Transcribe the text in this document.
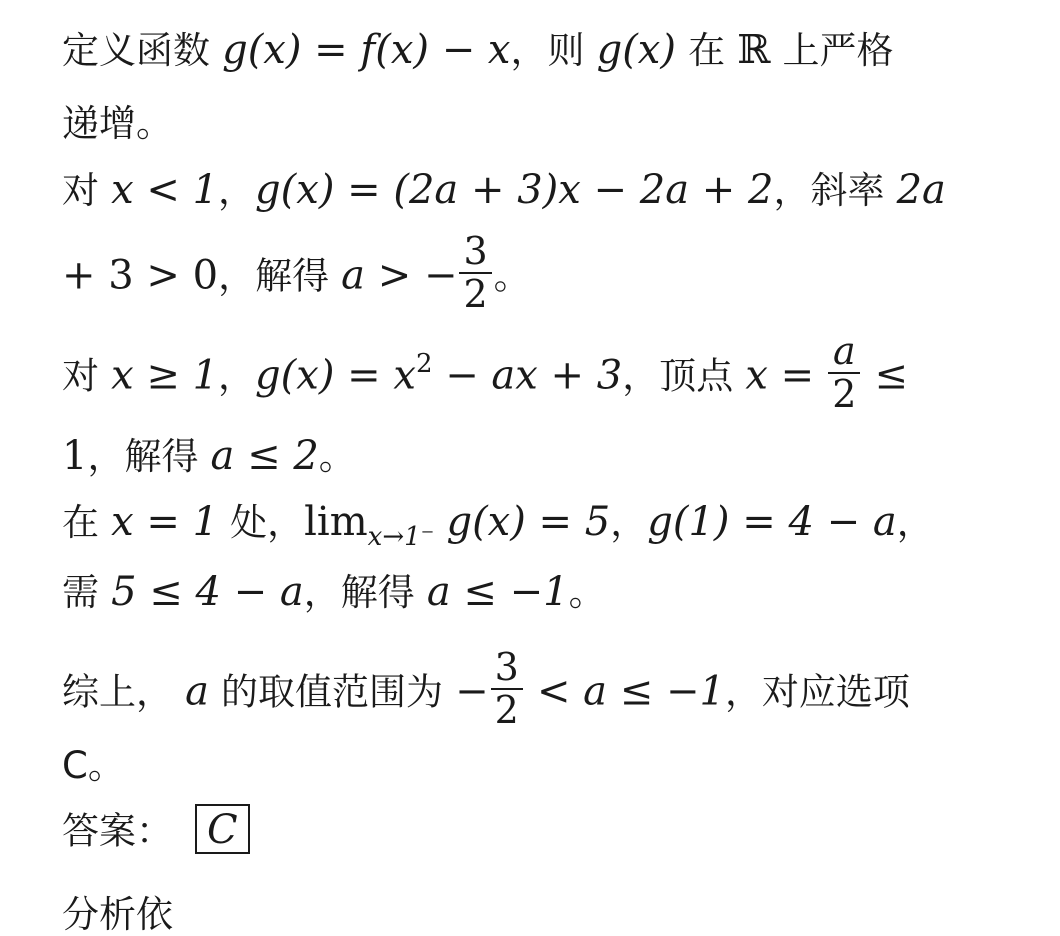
定义函数 g(x) = f(x) − x，则 g(x) 在 ℝ 上严格
递增。
对 x < 1，g(x) = (2a + 3)x − 2a + 2，斜率 2a
+ 3 > 0，解得 a > − $\frac{3}{2}$ 。
对 x ≥ 1，$g(x) = x^2$ − ax + 3，顶点 $x = \frac{a}{2}$ ≤
1，解得 a ≤ 2。
在 x = 1 处，$\lim_{x\to 1^-} g(x) = 5$，g(1) = 4 − a，
需 5 ≤ 4 − a，解得 a ≤ −1。
综上， a 的取值范围为 − $\frac{3}{2} < a \le -1$，对应选项
C。
答案： C
分析依
